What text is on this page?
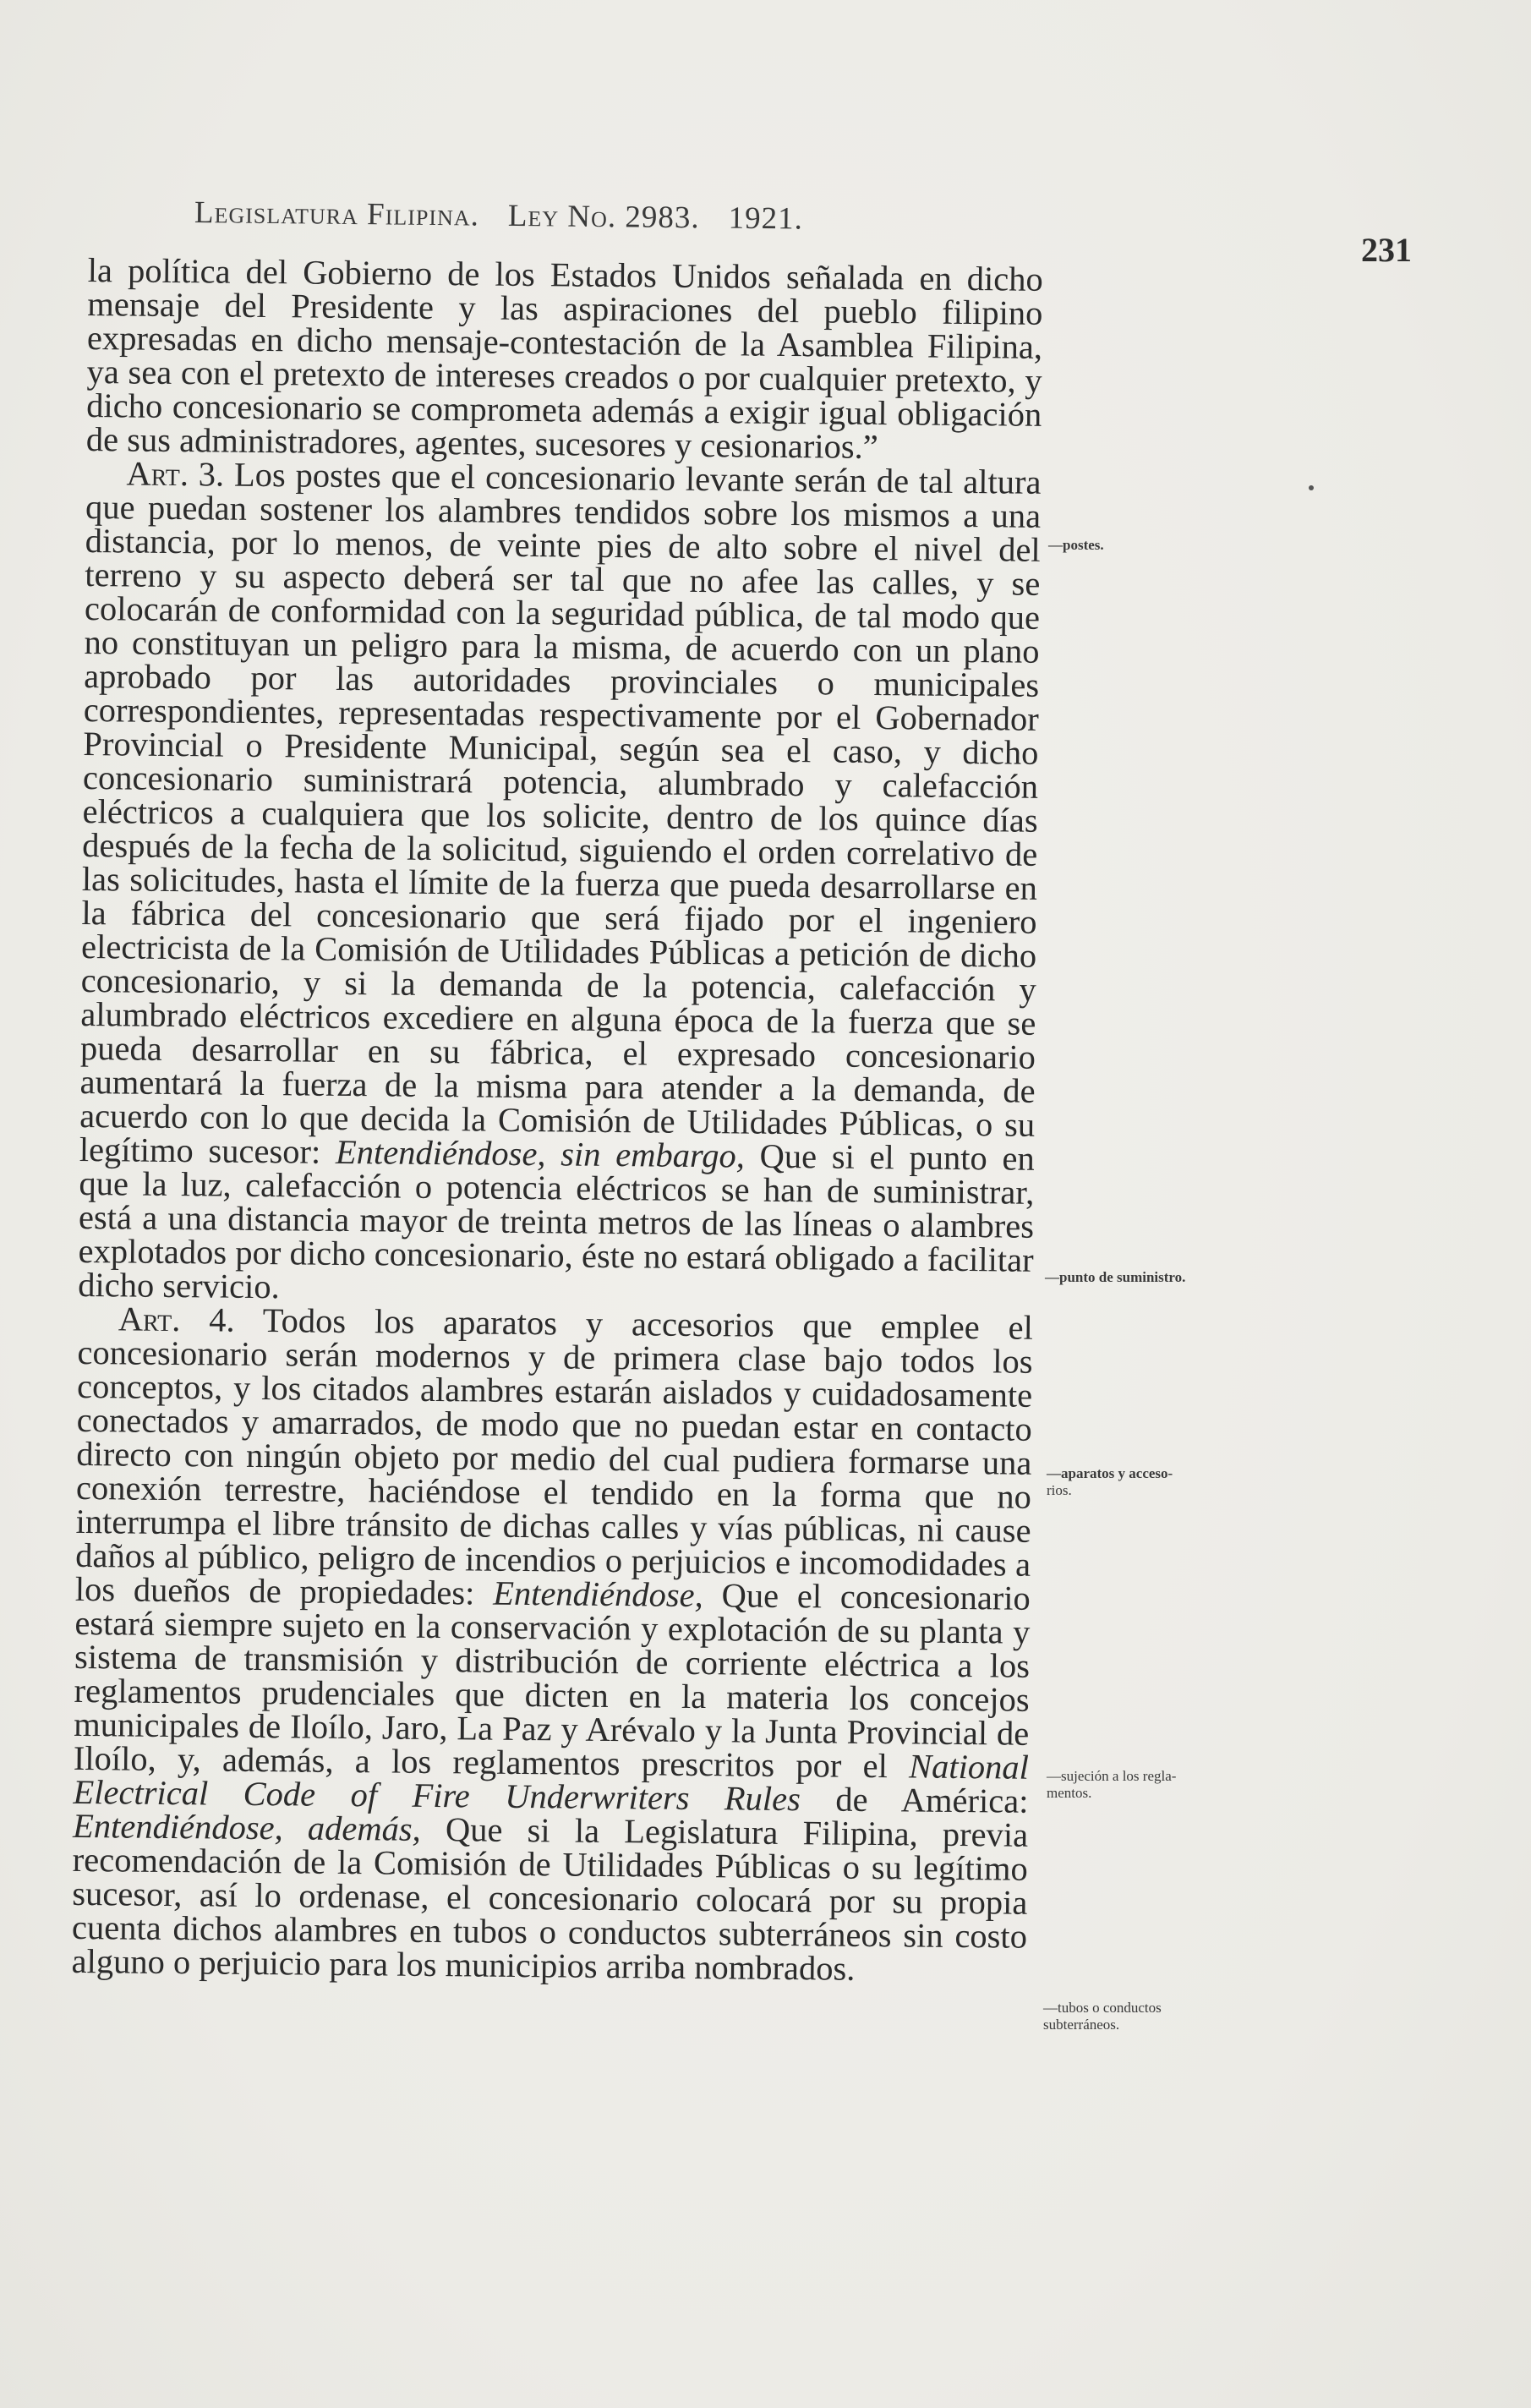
Legislatura Filipina. Ley No. 2983. 1921.
231

la política del Gobierno de los Estados Unidos señalada en dicho mensaje del Presidente y las aspiraciones del pueblo filipino expresadas en dicho mensaje-contestación de la Asamblea Filipina, ya sea con el pretexto de intereses creados o por cualquier pretexto, y dicho concesionario se comprometa además a exigir igual obligación de sus administradores, agentes, sucesores y cesionarios.”

Art. 3. Los postes que el concesionario levante serán de tal altura que puedan sostener los alambres tendidos sobre los mismos a una distancia, por lo menos, de veinte pies de alto sobre el nivel del terreno y su aspecto deberá ser tal que no afee las calles, y se colocarán de conformidad con la seguridad pública, de tal modo que no constituyan un peligro para la misma, de acuerdo con un plano aprobado por las autoridades provinciales o municipales correspondientes, representadas respectivamente por el Gobernador Provincial o Presidente Municipal, según sea el caso, y dicho concesionario suministrará potencia, alumbrado y calefacción eléctricos a cualquiera que los solicite, dentro de los quince días después de la fecha de la solicitud, siguiendo el orden correlativo de las solicitudes, hasta el límite de la fuerza que pueda desarrollarse en la fábrica del concesionario que será fijado por el ingeniero electricista de la Comisión de Utilidades Públicas a petición de dicho concesionario, y si la demanda de la potencia, calefacción y alumbrado eléctricos excediere en alguna época de la fuerza que se pueda desarrollar en su fábrica, el expresado concesionario aumentará la fuerza de la misma para atender a la demanda, de acuerdo con lo que decida la Comisión de Utilidades Públicas, o su legítimo sucesor: Entendiéndose, sin embargo, Que si el punto en que la luz, calefacción o potencia eléctricos se han de suministrar, está a una distancia mayor de treinta metros de las líneas o alambres explotados por dicho concesionario, éste no estará obligado a facilitar dicho servicio.

Art. 4. Todos los aparatos y accesorios que emplee el concesionario serán modernos y de primera clase bajo todos los conceptos, y los citados alambres estarán aislados y cuidadosamente conectados y amarrados, de modo que no puedan estar en contacto directo con ningún objeto por medio del cual pudiera formarse una conexión terrestre, haciéndose el tendido en la forma que no interrumpa el libre tránsito de dichas calles y vías públicas, ni cause daños al público, peligro de incendios o perjuicios e incomodidades a los dueños de propiedades: Entendiéndose, Que el concesionario estará siempre sujeto en la conservación y explotación de su planta y sistema de transmisión y distribución de corriente eléctrica a los reglamentos prudenciales que dicten en la materia los concejos municipales de Iloílo, Jaro, La Paz y Arévalo y la Junta Provincial de Iloílo, y, además, a los reglamentos prescritos por el National Electrical Code of Fire Underwriters Rules de América: Entendiéndose, además, Que si la Legislatura Filipina, previa recomendación de la Comisión de Utilidades Públicas o su legítimo sucesor, así lo ordenase, el concesionario colocará por su propia cuenta dichos alambres en tubos o conductos subterráneos sin costo alguno o perjuicio para los municipios arriba nombrados.

—postes.
—punto de suministro.
—aparatos y acceso-
rios.
—sujeción a los regla-
mentos.
—tubos o conductos
subterráneos.
